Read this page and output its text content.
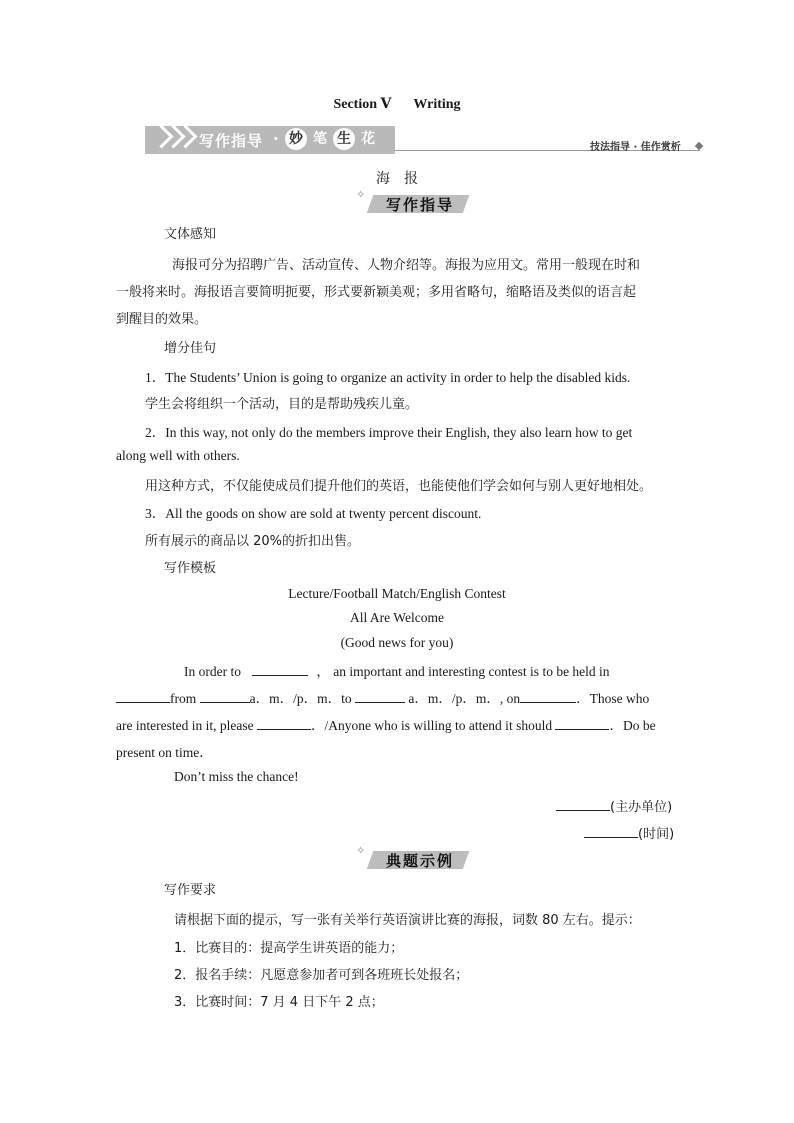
Section Ⅴ Writing
写作指导 · 妙 笔 生 花
技法指导 · 佳作赏析
海　报
✧
写作指导
文体感知
海报可分为招聘广告、活动宣传、人物介绍等。海报为应用文。常用一般现在时和
一般将来时。海报语言要简明扼要，形式要新颖美观；多用省略句，缩略语及类似的语言起
到醒目的效果。
增分佳句
1．The Students’ Union is going to organize an activity in order to help the disabled kids.
学生会将组织一个活动，目的是帮助残疾儿童。
2．In this way, not only do the members improve their English, they also learn how to get
along well with others.
用这种方式，不仅能使成员们提升他们的英语，也能使他们学会如何与别人更好地相处。
3．All the goods on show are sold at twenty percent discount.
所有展示的商品以 20%的折扣出售。
写作模板
Lecture/Football Match/English Contest
All Are Welcome
(Good news for you)
In order to	， an important and interesting contest is to be held in
from	a．m．/p．m．to	a．m．/p．m．, on	．Those who
are interested in it, please	．/Anyone who is willing to attend it should	．Do be
present on time．
Don’t miss the chance!
(主办单位)
(时间)
✧
典题示例
写作要求
请根据下面的提示，写一张有关举行英语演讲比赛的海报，词数 80 左右。提示：
1．比赛目的：提高学生讲英语的能力；
2．报名手续：凡愿意参加者可到各班班长处报名；
3．比赛时间：7 月 4 日下午 2 点；
